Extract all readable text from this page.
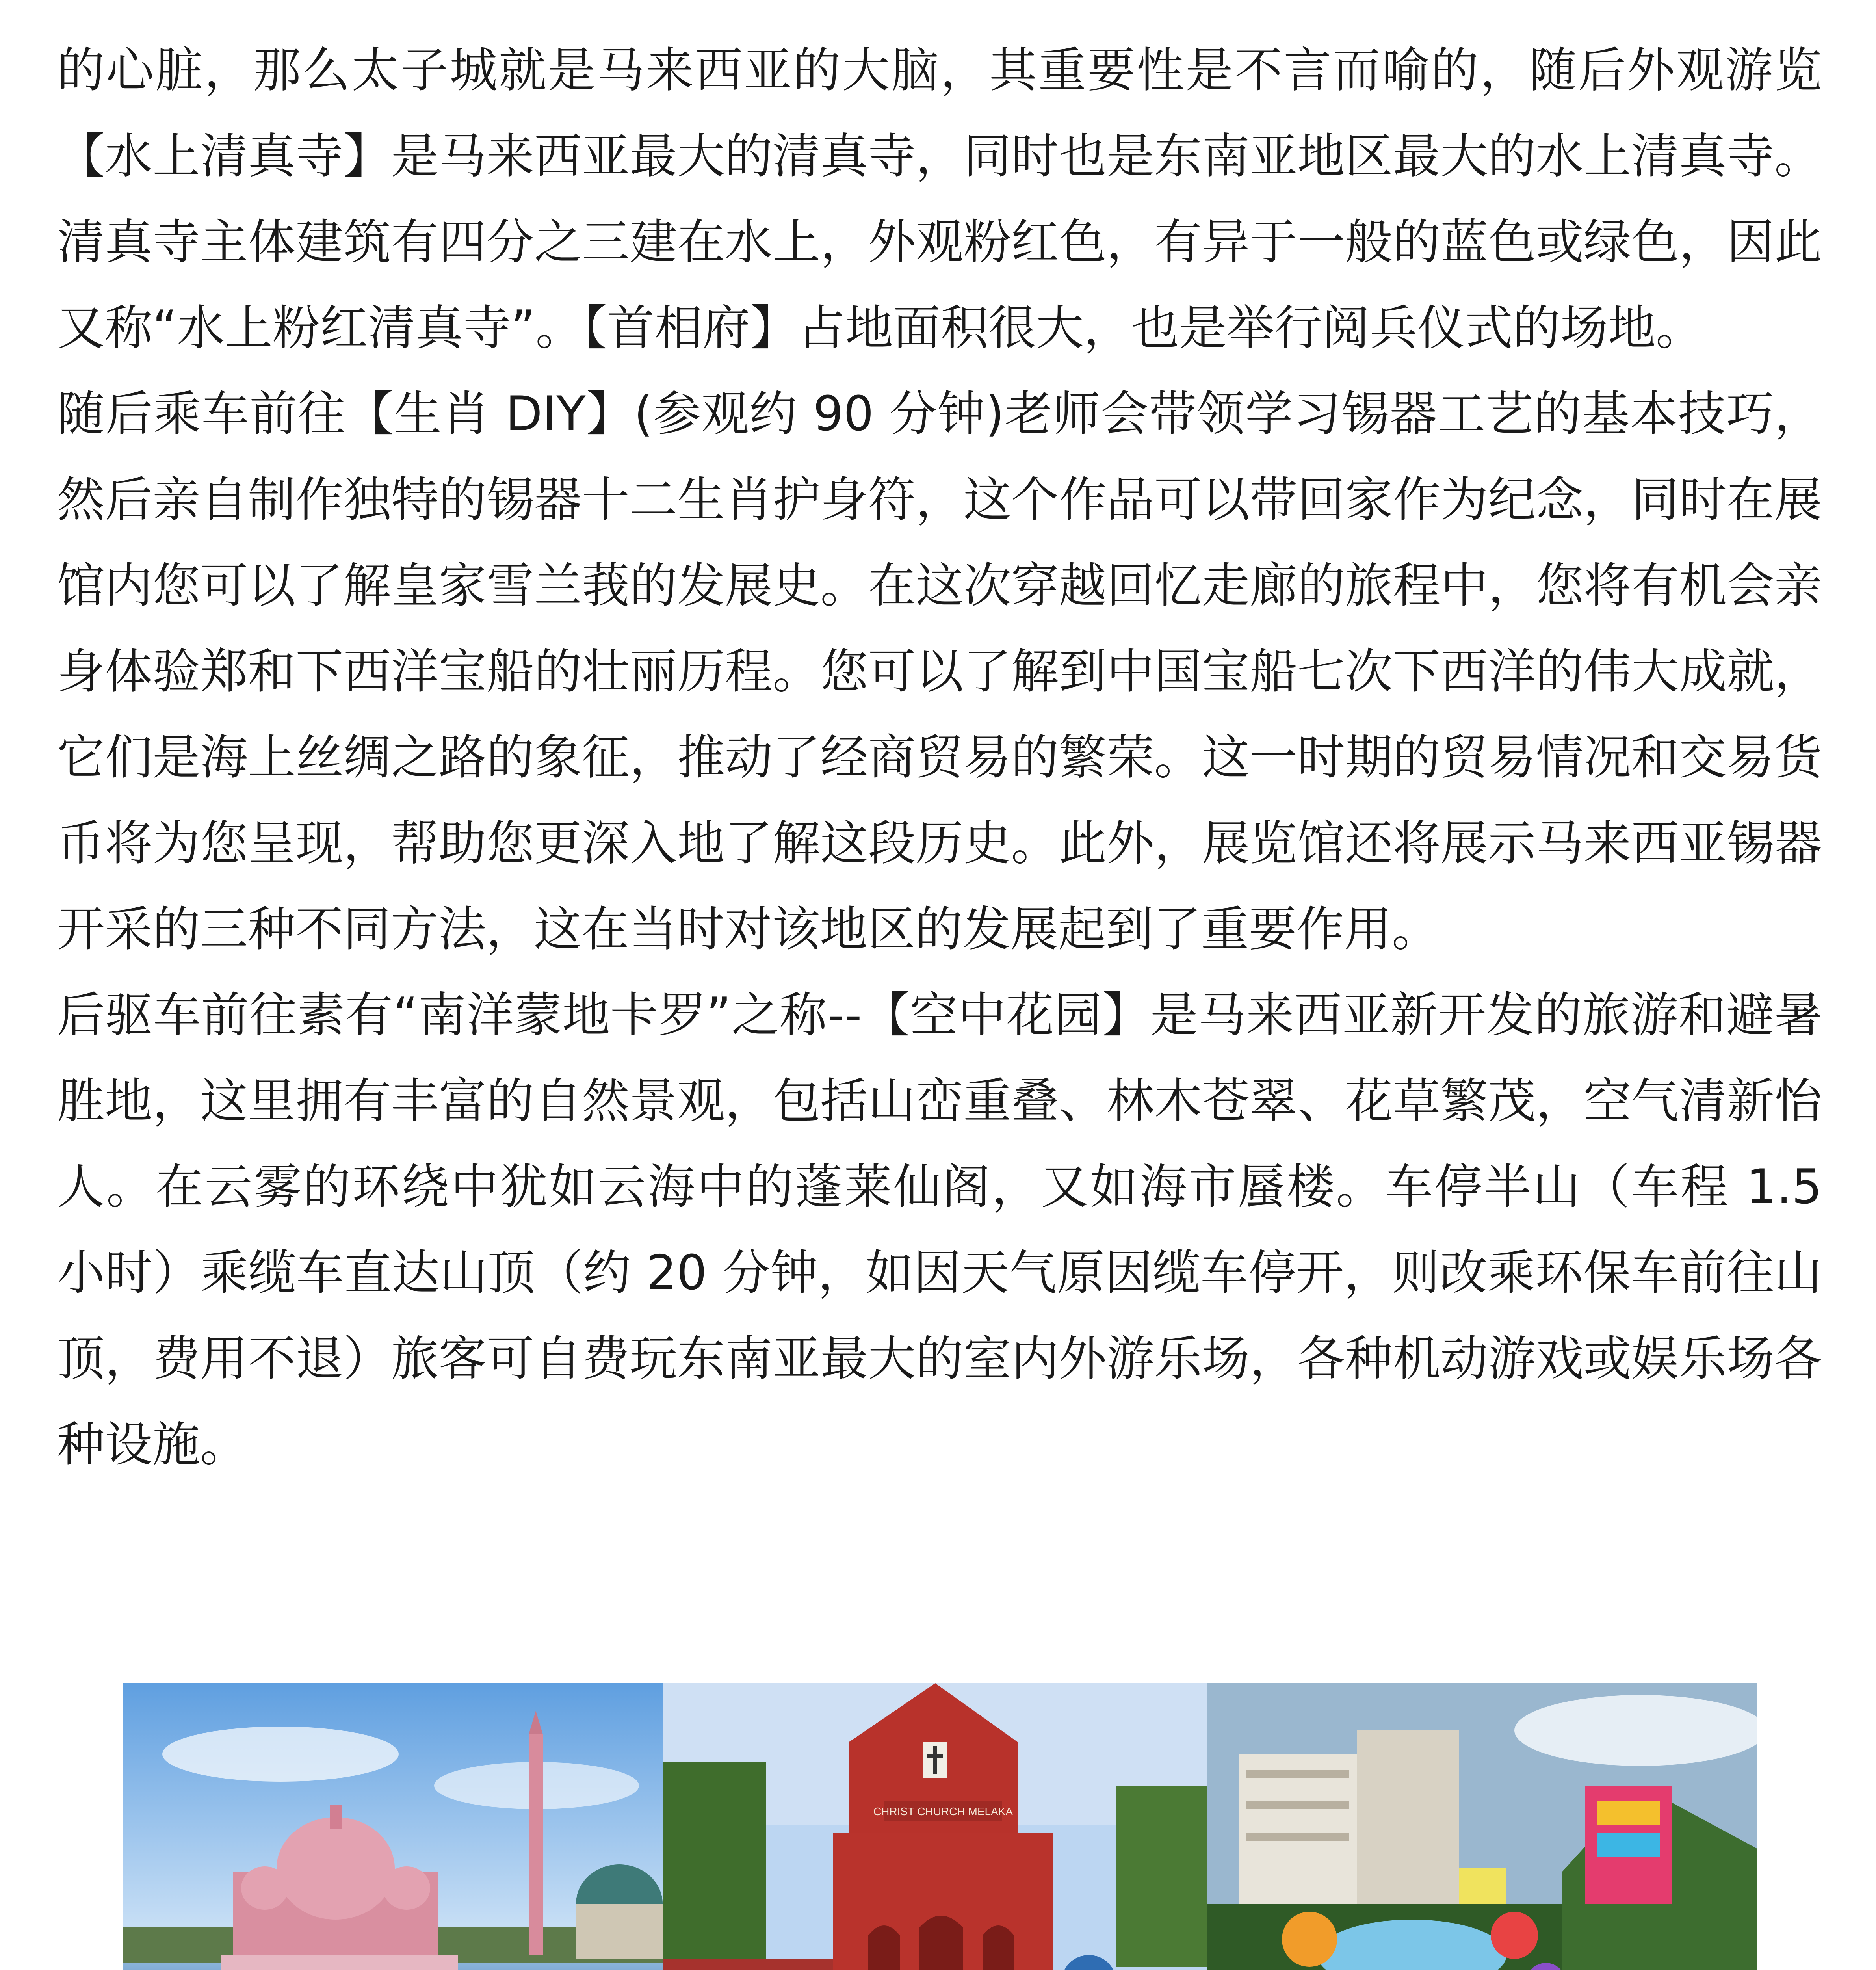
的心脏，那么太子城就是马来西亚的大脑，其重要性是不言而喻的，随后外观游览【水上清真寺】是马来西亚最大的清真寺，同时也是东南亚地区最大的水上清真寺。清真寺主体建筑有四分之三建在水上，外观粉红色，有异于一般的蓝色或绿色，因此又称“水上粉红清真寺”。【首相府】占地面积很大，也是举行阅兵仪式的场地。

随后乘车前往【生肖 DIY】(参观约 90 分钟)老师会带领学习锡器工艺的基本技巧，然后亲自制作独特的锡器十二生肖护身符，这个作品可以带回家作为纪念，同时在展馆内您可以了解皇家雪兰莪的发展史。在这次穿越回忆走廊的旅程中，您将有机会亲身体验郑和下西洋宝船的壮丽历程。您可以了解到中国宝船七次下西洋的伟大成就，它们是海上丝绸之路的象征，推动了经商贸易的繁荣。这一时期的贸易情况和交易货币将为您呈现，帮助您更深入地了解这段历史。此外，展览馆还将展示马来西亚锡器开采的三种不同方法，这在当时对该地区的发展起到了重要作用。

后驱车前往素有“南洋蒙地卡罗”之称--【空中花园】是马来西亚新开发的旅游和避暑胜地，这里拥有丰富的自然景观，包括山峦重叠、林木苍翠、花草繁茂，空气清新怡人。在云雾的环绕中犹如云海中的蓬莱仙阁，又如海市蜃楼。车停半山（车程 1.5 小时）乘缆车直达山顶（约 20 分钟，如因天气原因缆车停开，则改乘环保车前往山顶，费用不退）旅客可自费玩东南亚最大的室内外游乐场，各种机动游戏或娱乐场各种设施。

CHRIST CHURCH MELAKA
